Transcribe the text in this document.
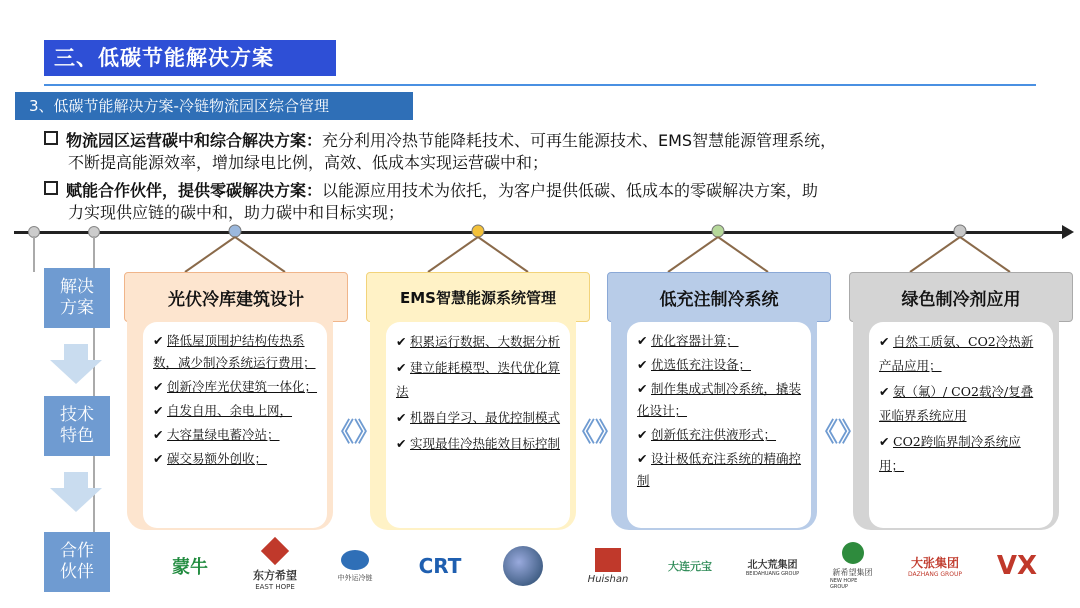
三、低碳节能解决方案
3、低碳节能解决方案-冷链物流园区综合管理
物流园区运营碳中和综合解决方案：充分利用冷热节能降耗技术、可再生能源技术、EMS智慧能源管理系统，
不断提高能源效率，增加绿电比例，高效、低成本实现运营碳中和；
赋能合作伙伴，提供零碳解决方案：以能源应用技术为依托，为客户提供低碳、低成本的零碳解决方案，助
力实现供应链的碳中和，助力碳中和目标实现；
解决
方案
技术
特色
合作
伙伴
光伏冷库建筑设计
✔ 降低屋顶围护结构传热系数，减少制冷系统运行费用；
✔ 创新冷库光伏建筑一体化；
✔ 自发自用、余电上网，
✔ 大容量绿电蓄冷站；
✔ 碳交易额外创收；
EMS智慧能源系统管理
✔ 积累运行数据、大数据分析
✔ 建立能耗模型、迭代优化算法
✔ 机器自学习、最优控制模式
✔ 实现最佳冷热能效目标控制
低充注制冷系统
✔ 优化容器计算；
✔ 优选低充注设备；
✔ 制作集成式制冷系统，撬装化设计；
✔ 创新低充注供液形式；
✔ 设计极低充注系统的精确控制
绿色制冷剂应用
✔ 自然工质氨、CO2冷热新产品应用；
✔ 氨（氟）/ CO2载冷/复叠亚临界系统应用
✔ CO2跨临界制冷系统应用；
《》	《》	《》
蒙牛	东方希望
EAST HOPE
中外运冷链 CRT
Huishan
大连元宝	北大荒集团
BEIDAHUANG GROUP	新希望集团
NEW HOPE GROUP
大张集团
DAZHANG GROUP VX
